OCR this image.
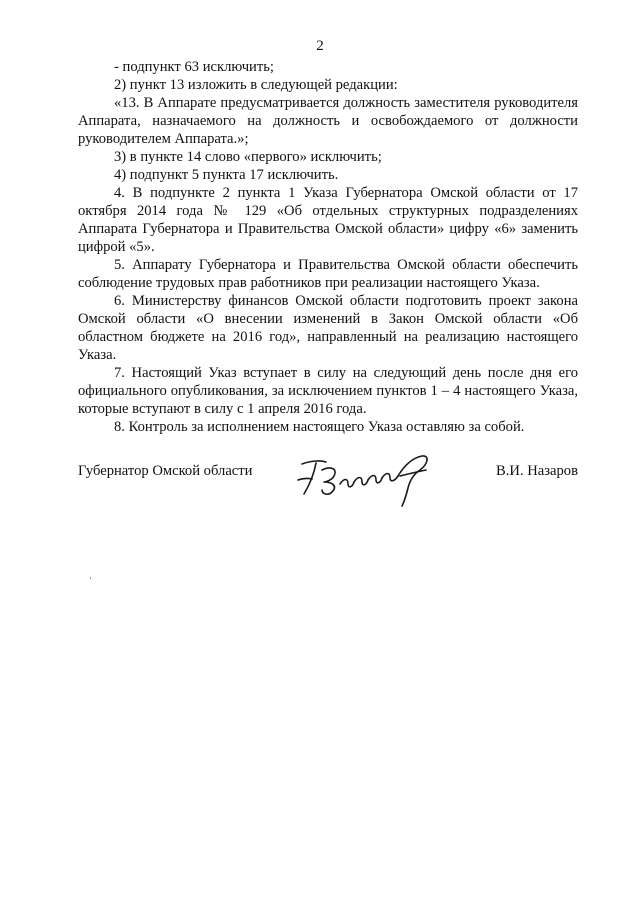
2

- подпункт 63 исключить;

2) пункт 13 изложить в следующей редакции:

«13. В Аппарате предусматривается должность заместителя руководителя Аппарата, назначаемого на должность и освобождаемого от должности руководителем Аппарата.»;

3) в пункте 14 слово «первого» исключить;

4) подпункт 5 пункта 17 исключить.

4. В подпункте 2 пункта 1 Указа Губернатора Омской области от 17 октября 2014 года № 129 «Об отдельных структурных подразделениях Аппарата Губернатора и Правительства Омской области» цифру «6» заменить цифрой «5».

5. Аппарату Губернатора и Правительства Омской области обеспечить соблюдение трудовых прав работников при реализации настоящего Указа.

6. Министерству финансов Омской области подготовить проект закона Омской области «О внесении изменений в Закон Омской области «Об областном бюджете на 2016 год», направленный на реализацию настоящего Указа.

7. Настоящий Указ вступает в силу на следующий день после дня его официального опубликования, за исключением пунктов 1 – 4 настоящего Указа, которые вступают в силу с 1 апреля 2016 года.

8. Контроль за исполнением настоящего Указа оставляю за собой.

Губернатор Омской области	В.И. Назаров
